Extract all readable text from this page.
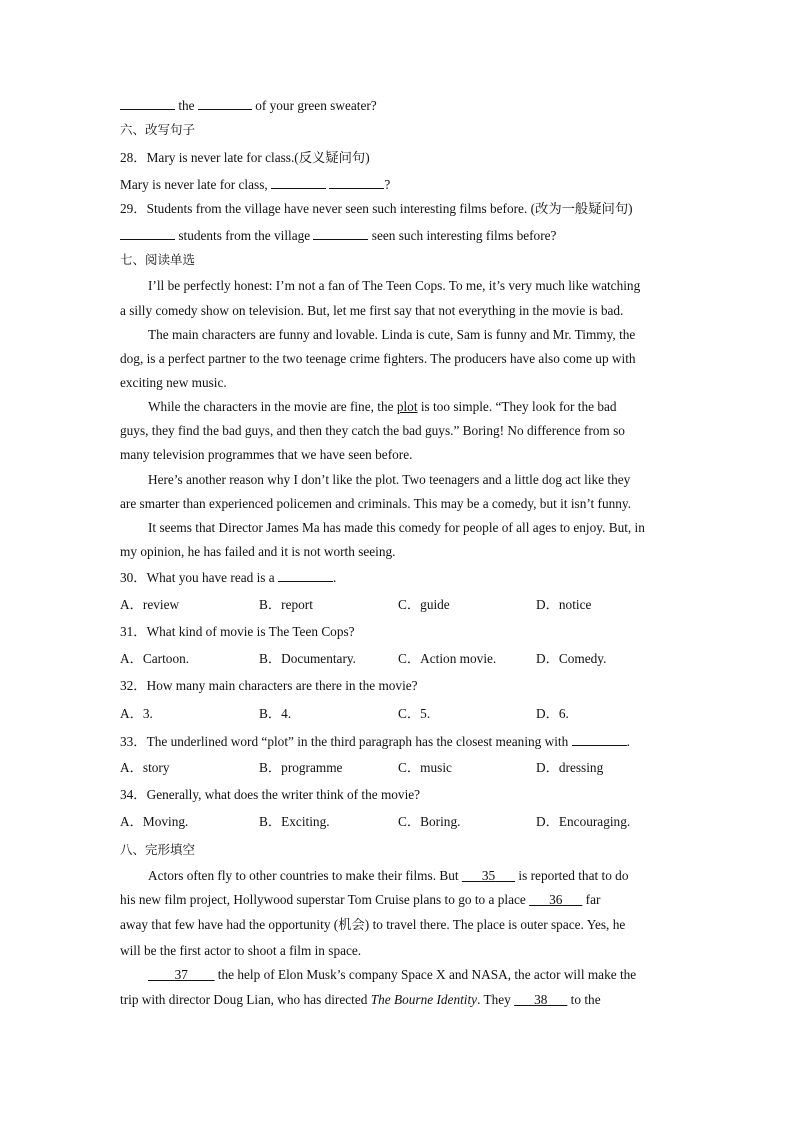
the	of your green sweater?
六、改写句子
28．Mary is never late for class.(反义疑问句)
Mary is never late for class,	?
29．Students from the village have never seen such interesting films before. (改为一般疑问句)
students from the village	seen such interesting films before?
七、阅读单选
I’ll be perfectly honest: I’m not a fan of The Teen Cops. To me, it’s very much like watching
a silly comedy show on television. But, let me first say that not everything in the movie is bad.
The main characters are funny and lovable. Linda is cute, Sam is funny and Mr. Timmy, the
dog, is a perfect partner to the two teenage crime fighters. The producers have also come up with
exciting new music.
While the characters in the movie are fine, the plot is too simple. “They look for the bad
guys, they find the bad guys, and then they catch the bad guys.” Boring! No difference from so
many television programmes that we have seen before.
Here’s another reason why I don’t like the plot. Two teenagers and a little dog act like they
are smarter than experienced policemen and criminals. This may be a comedy, but it isn’t funny.
It seems that Director James Ma has made this comedy for people of all ages to enjoy. But, in
my opinion, he has failed and it is not worth seeing.
30．What you have read is a	.
A．review	B．report	C．guide	D．notice
31．What kind of movie is The Teen Cops?
A．Cartoon.	B．Documentary.	C．Action movie.	D．Comedy.
32．How many main characters are there in the movie?
A．3.	B．4.	C．5.	D．6.
33．The underlined word “plot” in the third paragraph has the closest meaning with	.
A．story	B．programme	C．music	D．dressing
34．Generally, what does the writer think of the movie?
A．Moving.	B．Exciting.	C．Boring.	D．Encouraging.
八、完形填空
Actors often fly to other countries to make their films. But    35    is reported that to do
his new film project, Hollywood superstar Tom Cruise plans to go to a place    36    far
away that few have had the opportunity (机会) to travel there. The place is outer space. Yes, he
will be the first actor to shoot a film in space.
    37     the help of Elon Musk’s company Space X and NASA, the actor will make the
trip with director Doug Lian, who has directed The Bourne Identity. They    38    to the
